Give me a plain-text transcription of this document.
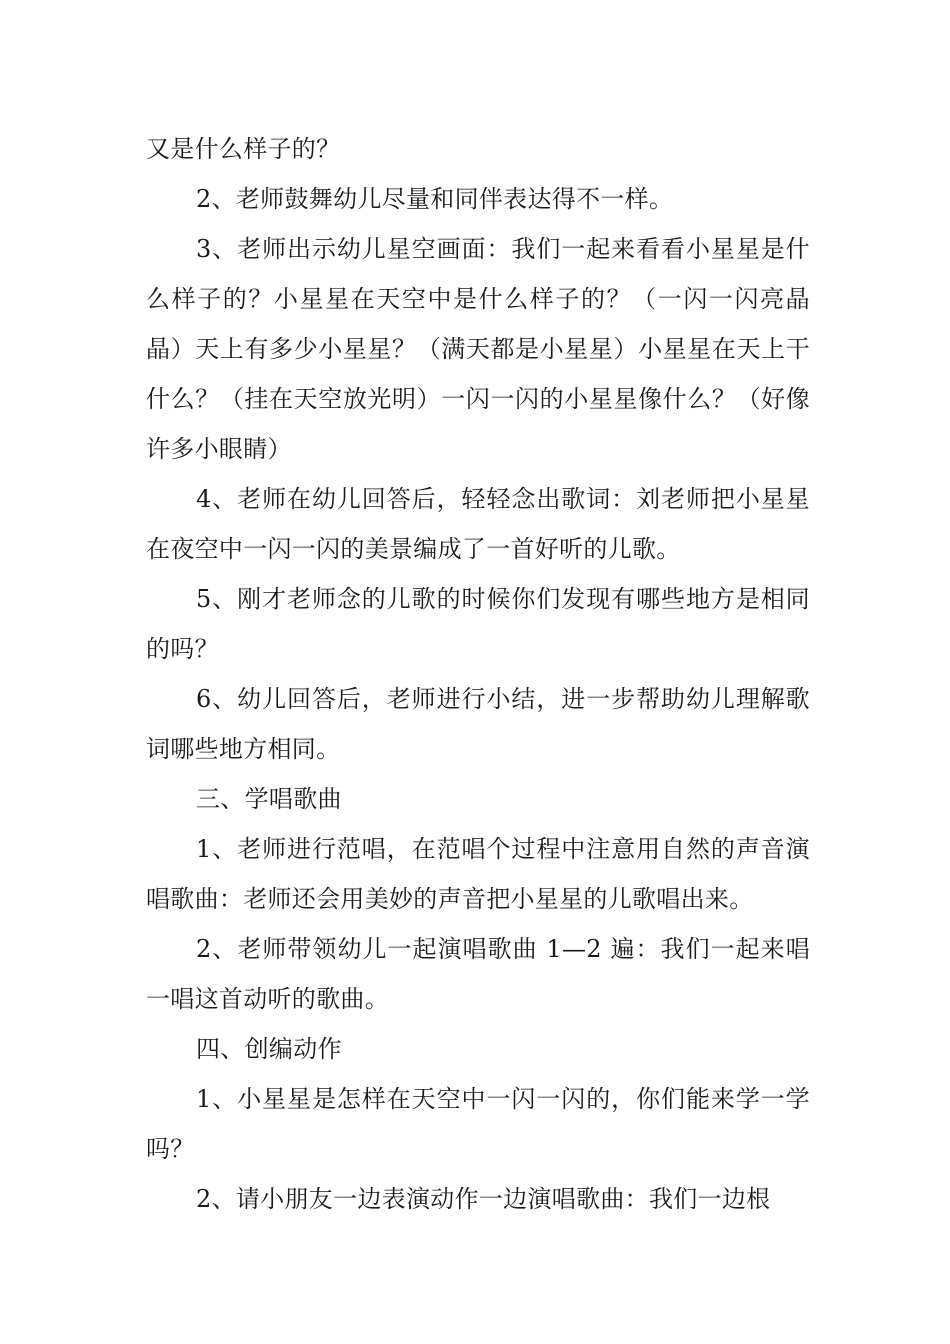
又是什么样子的？

2、老师鼓舞幼儿尽量和同伴表达得不一样。

3、老师出示幼儿星空画面：我们一起来看看小星星是什么样子的？小星星在天空中是什么样子的？（一闪一闪亮晶晶）天上有多少小星星？（满天都是小星星）小星星在天上干什么？（挂在天空放光明）一闪一闪的小星星像什么？（好像许多小眼睛）

4、老师在幼儿回答后，轻轻念出歌词：刘老师把小星星在夜空中一闪一闪的美景编成了一首好听的儿歌。

5、刚才老师念的儿歌的时候你们发现有哪些地方是相同的吗？

6、幼儿回答后，老师进行小结，进一步帮助幼儿理解歌词哪些地方相同。

三、学唱歌曲

1、老师进行范唱，在范唱个过程中注意用自然的声音演唱歌曲：老师还会用美妙的声音把小星星的儿歌唱出来。

2、老师带领幼儿一起演唱歌曲 1—2 遍：我们一起来唱一唱这首动听的歌曲。

四、创编动作

1、小星星是怎样在天空中一闪一闪的，你们能来学一学吗？

2、请小朋友一边表演动作一边演唱歌曲：我们一边根
